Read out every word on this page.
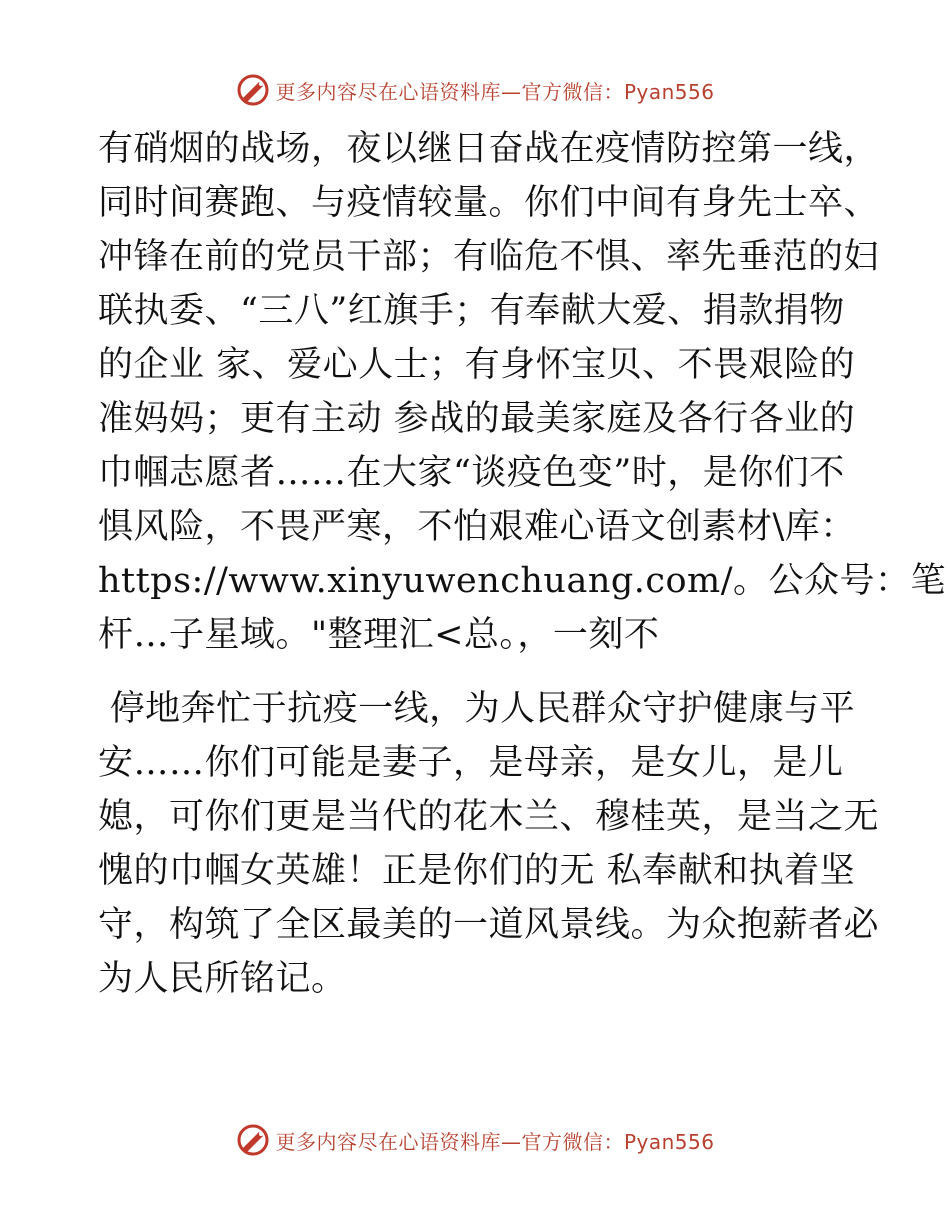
更多内容尽在心语资料库—官方微信：Pyan556
有硝烟的战场，夜以继日奋战在疫情防控第一线，
同时间赛跑、与疫情较量。你们中间有身先士卒、
冲锋在前的党员干部；有临危不惧、率先垂范的妇
联执委、“三八”红旗手；有奉献大爱、捐款捐物
的企业 家、爱心人士；有身怀宝贝、不畏艰险的
准妈妈；更有主动 参战的最美家庭及各行各业的
巾帼志愿者……在大家“谈疫色变”时，是你们不
惧风险，不畏严寒，不怕艰难心语文创素材\库：
https://www.xinyuwenchuang.com/。公众号：笔
杆…子星域。"整理汇<总。，一刻不
停地奔忙于抗疫一线，为人民群众守护健康与平
安……你们可能是妻子，是母亲，是女儿，是儿
媳，可你们更是当代的花木兰、穆桂英，是当之无
愧的巾帼女英雄！正是你们的无 私奉献和执着坚
守，构筑了全区最美的一道风景线。为众抱薪者必
为人民所铭记。
更多内容尽在心语资料库—官方微信：Pyan556
